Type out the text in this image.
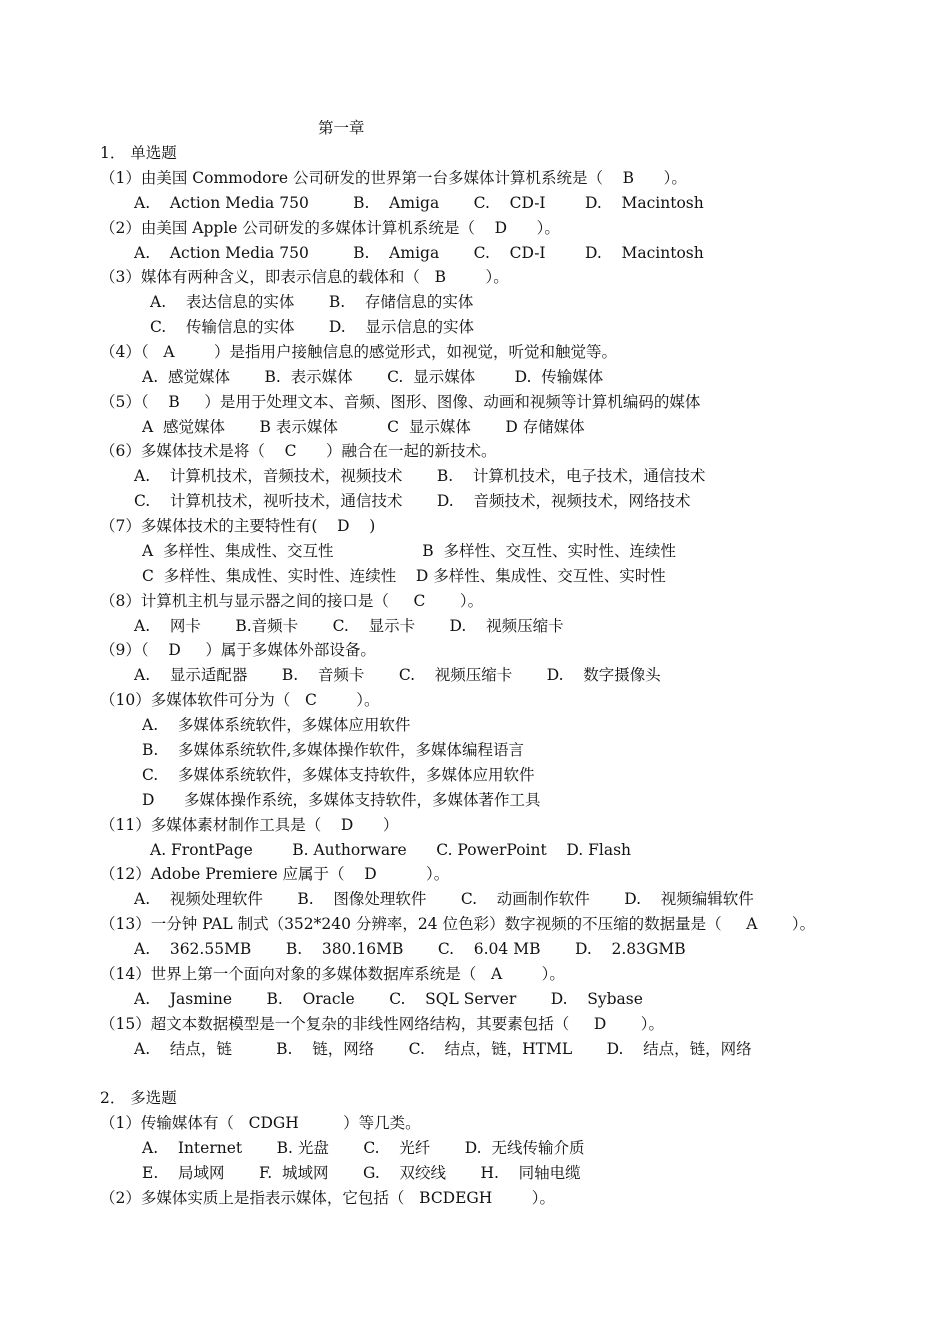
第一章
1． 单选题
（1）由美国 Commodore 公司研发的世界第一台多媒体计算机系统是（    B      ）。
A.    Action Media 750         B.    Amiga       C.    CD-I        D.    Macintosh
（2）由美国 Apple 公司研发的多媒体计算机系统是（    D      ）。
A.    Action Media 750         B.    Amiga       C.    CD-I        D.    Macintosh
（3）媒体有两种含义，即表示信息的载体和（   B        ）。
A.    表达信息的实体       B.    存储信息的实体
C.    传输信息的实体       D.    显示信息的实体
（4）（   A        ）是指用户接触信息的感觉形式，如视觉，听觉和触觉等。
A.  感觉媒体       B.  表示媒体       C.  显示媒体        D.  传输媒体
（5）（    B     ）是用于处理文本、音频、图形、图像、动画和视频等计算机编码的媒体
A  感觉媒体       B 表示媒体          C  显示媒体       D 存储媒体
（6）多媒体技术是将（    C      ）融合在一起的新技术。
A.    计算机技术，音频技术，视频技术       B.    计算机技术，电子技术，通信技术
C.    计算机技术，视听技术，通信技术       D.    音频技术，视频技术，网络技术
（7）多媒体技术的主要特性有(    D    )
A  多样性、集成性、交互性                  B  多样性、交互性、实时性、连续性
C  多样性、集成性、实时性、连续性    D 多样性、集成性、交互性、实时性
（8）计算机主机与显示器之间的接口是（     C       ）。
A.    网卡       B.音频卡       C.    显示卡       D.    视频压缩卡
（9）（    D     ）属于多媒体外部设备。
A.    显示适配器       B.    音频卡       C.    视频压缩卡       D.    数字摄像头
（10）多媒体软件可分为（   C        ）。
A.    多媒体系统软件，多媒体应用软件
B.    多媒体系统软件,多媒体操作软件，多媒体编程语言
C.    多媒体系统软件，多媒体支持软件，多媒体应用软件
D      多媒体操作系统，多媒体支持软件，多媒体著作工具
（11）多媒体素材制作工具是（    D      ）
A. FrontPage        B. Authorware      C. PowerPoint    D. Flash
（12）Adobe Premiere 应属于（    D          ）。
A.    视频处理软件       B.    图像处理软件       C.    动画制作软件       D.    视频编辑软件
（13）一分钟 PAL 制式（352*240 分辨率，24 位色彩）数字视频的不压缩的数据量是（     A       ）。
A.    362.55MB       B.    380.16MB       C.    6.04 MB       D.    2.83GMB
（14）世界上第一个面向对象的多媒体数据库系统是（   A        ）。
A.    Jasmine       B.    Oracle       C.    SQL Server       D.    Sybase
（15）超文本数据模型是一个复杂的非线性网络结构，其要素包括（     D       ）。
A.    结点，链         B.    链，网络       C.    结点，链，HTML       D.    结点，链，网络
2． 多选题
（1）传输媒体有（   CDGH         ）等几类。
A.    Internet       B. 光盘       C.    光纤       D.  无线传输介质
E.    局域网       F.  城域网       G.    双绞线       H.    同轴电缆
（2）多媒体实质上是指表示媒体，它包括（   BCDEGH        ）。
